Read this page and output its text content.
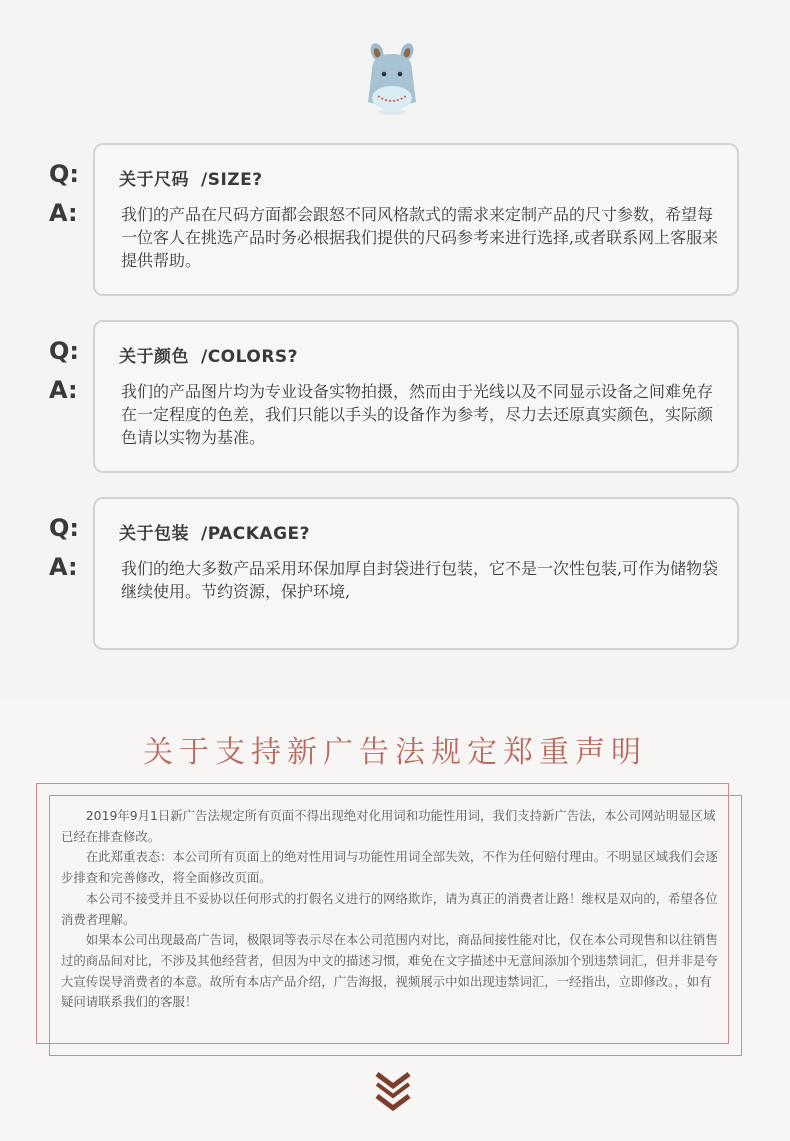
Q:
A:
关于尺码 /SIZE?
我们的产品在尺码方面都会跟怒不同风格款式的需求来定制产品的尺寸参数，希望每一位客人在挑选产品时务必根据我们提供的尺码参考来进行选择,或者联系网上客服来提供帮助。
Q:
A:
关于颜色 /COLORS?
我们的产品图片均为专业设备实物拍摄，然而由于光线以及不同显示设备之间难免存在一定程度的色差，我们只能以手头的设备作为参考，尽力去还原真实颜色，实际颜色请以实物为基准。
Q:
A:
关于包装 /PACKAGE?
我们的绝大多数产品采用环保加厚自封袋进行包装，它不是一次性包装,可作为储物袋继续使用。节约资源，保护环境,
关于支持新广告法规定郑重声明

2019年9月1日新广告法规定所有页面不得出现绝对化用词和功能性用词，我们支持新广告法，本公司网站明显区域已经在排查修改。

在此郑重表态：本公司所有页面上的绝对性用词与功能性用词全部失效，不作为任何赔付理由。不明显区域我们会逐步排查和完善修改，将全面修改页面。

本公司不接受并且不妥协以任何形式的打假名义进行的网络欺诈，请为真正的消费者让路！维权是双向的，希望各位消费者理解。

如果本公司出现最高广告词，极限词等表示尽在本公司范围内对比，商品间接性能对比，仅在本公司现售和以往销售过的商品间对比，不涉及其他经营者，但因为中文的描述习惯，难免在文字描述中无意间添加个别违禁词汇，但并非是夸大宣传误导消费者的本意。故所有本店产品介绍，广告海报，视频展示中如出现违禁词汇，一经指出，立即修改。，如有疑问请联系我们的客服！
